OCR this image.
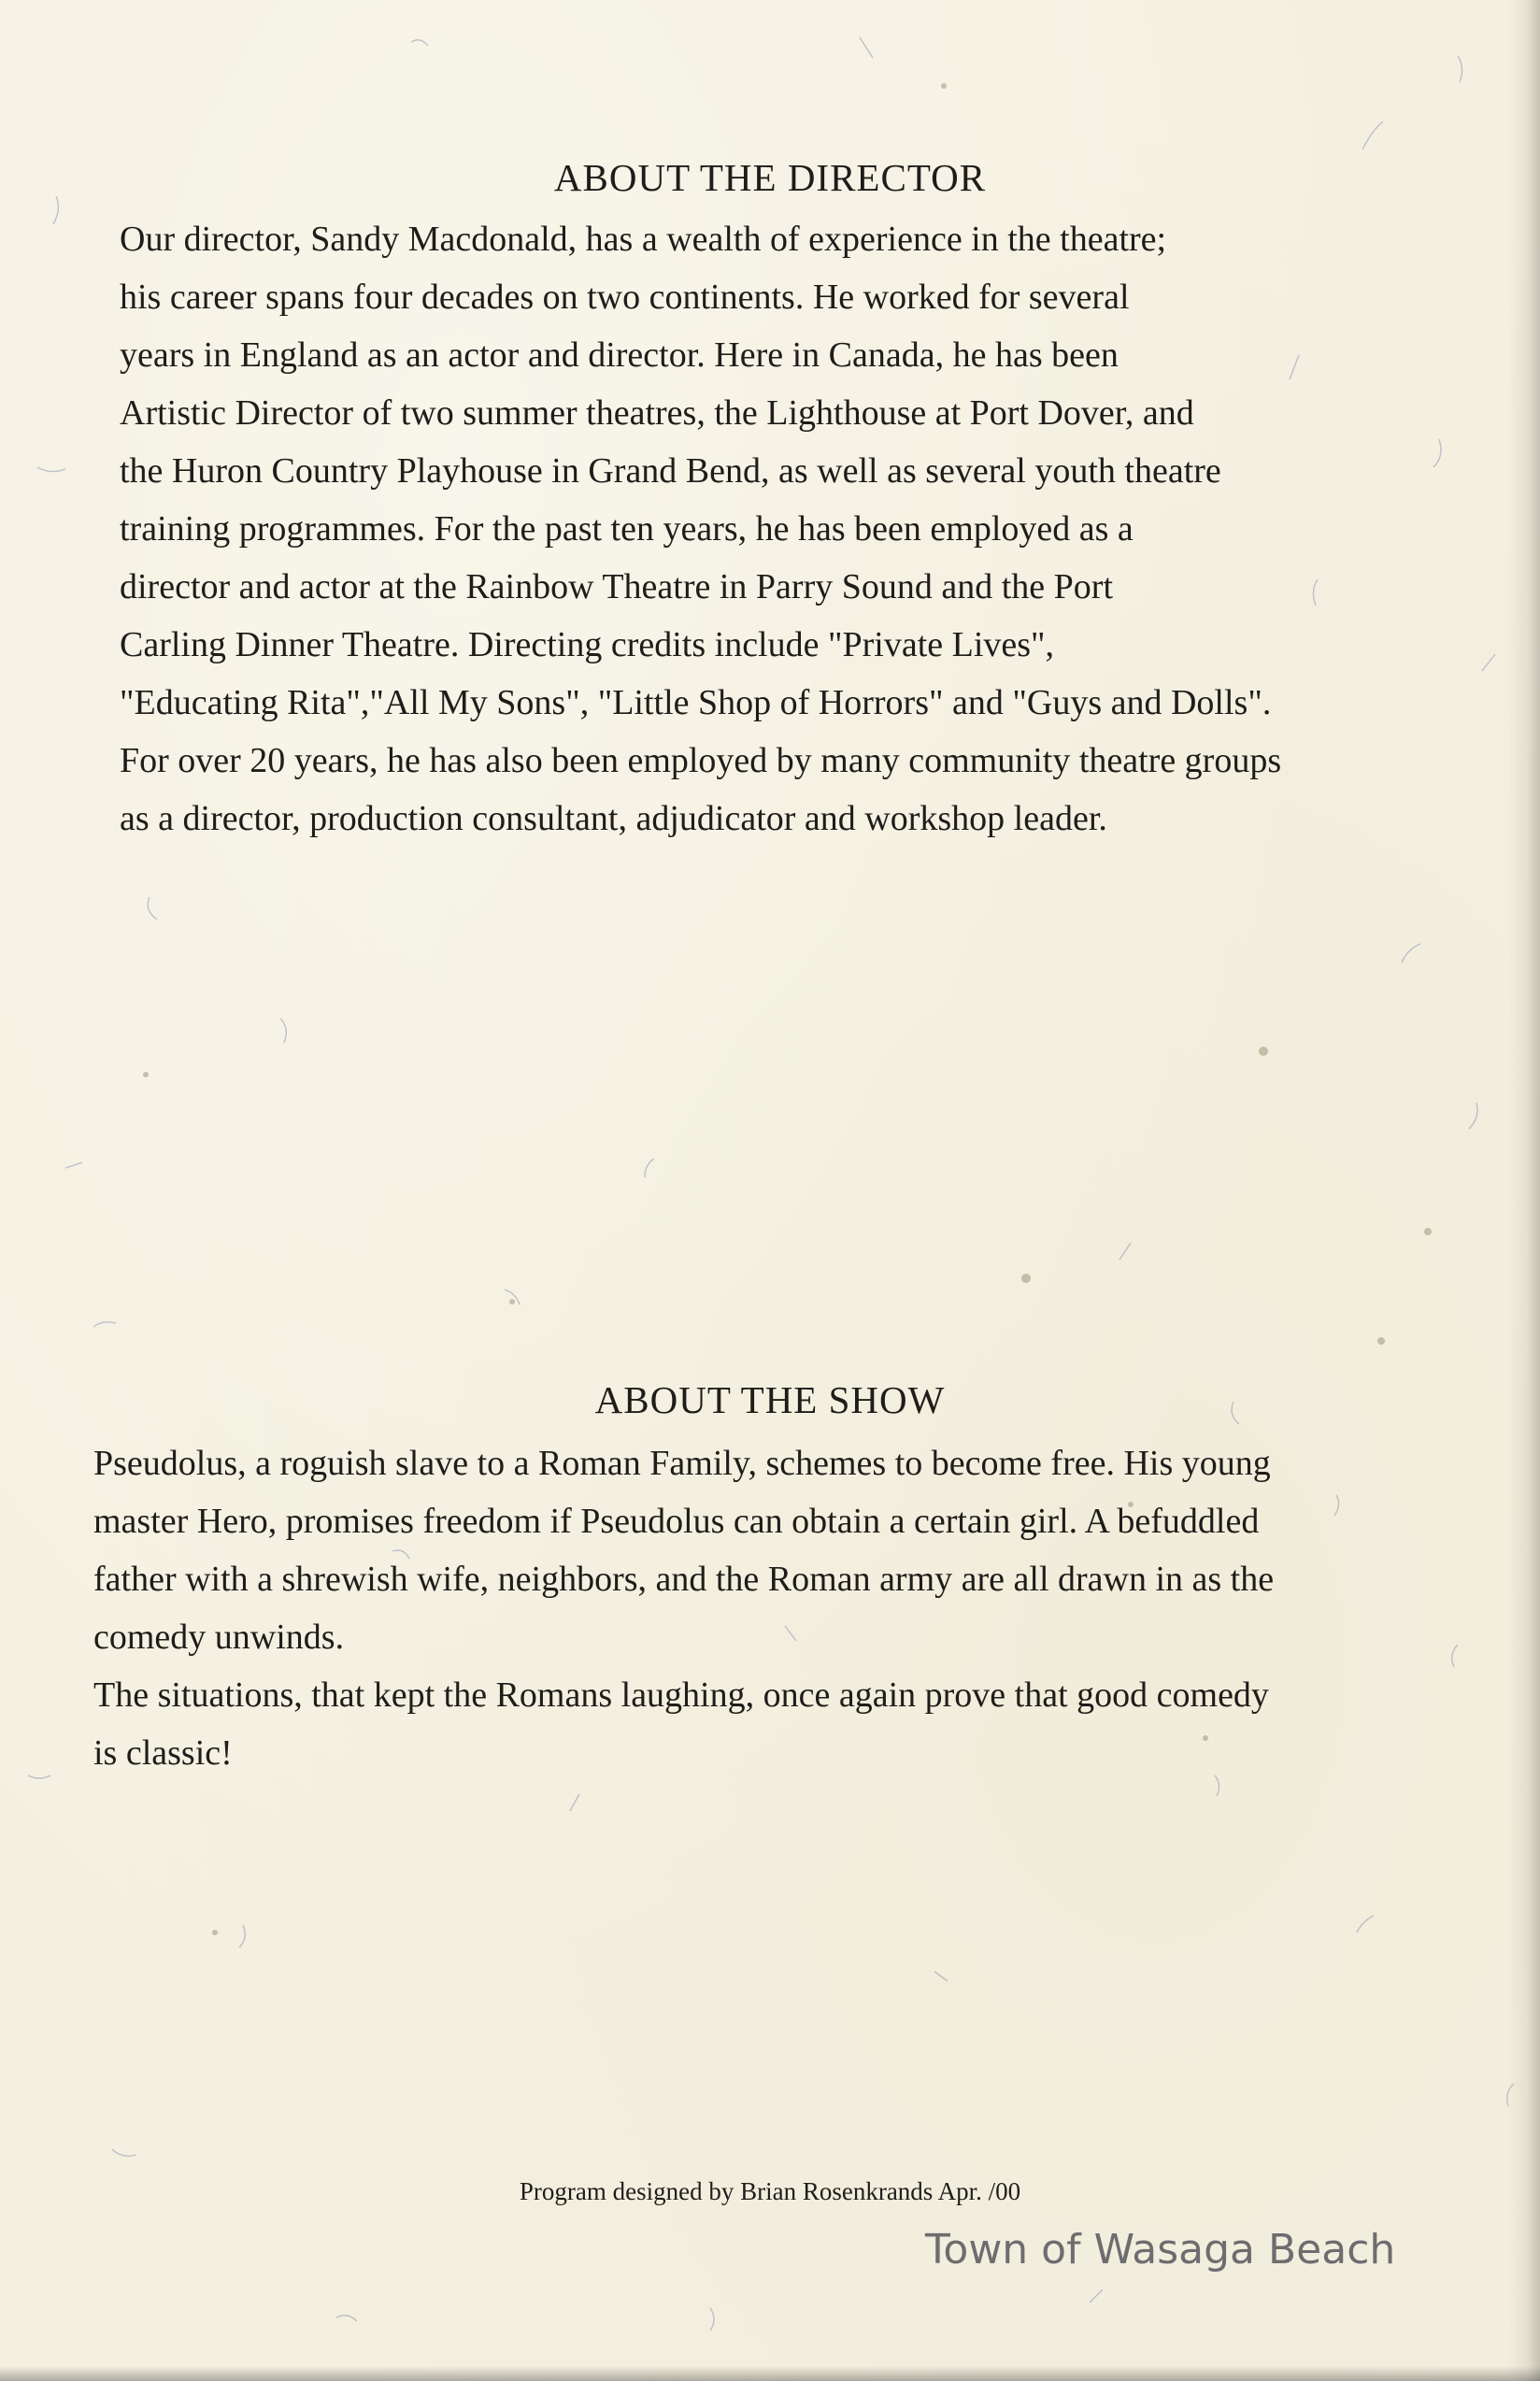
ABOUT THE DIRECTOR

Our director, Sandy Macdonald, has a wealth of experience in the theatre;
his career spans four decades on two continents. He worked for several
years in England as an actor and director. Here in Canada, he has been
Artistic Director of two summer theatres, the Lighthouse at Port Dover, and
the Huron Country Playhouse in Grand Bend, as well as several youth theatre
training programmes. For the past ten years, he has been employed as a
director and actor at the Rainbow Theatre in Parry Sound and the Port
Carling Dinner Theatre. Directing credits include "Private Lives",
"Educating Rita","All My Sons", "Little Shop of Horrors" and "Guys and Dolls".
For over 20 years, he has also been employed by many community theatre groups
as a director, production consultant, adjudicator and workshop leader.

ABOUT THE SHOW

Pseudolus, a roguish slave to a Roman Family, schemes to become free. His young
master Hero, promises freedom if Pseudolus can obtain a certain girl. A befuddled
father with a shrewish wife, neighbors, and the Roman army are all drawn in as the
comedy unwinds.
The situations, that kept the Romans laughing, once again prove that good comedy
is classic!

Program designed by Brian Rosenkrands Apr. /00

Town of Wasaga Beach
